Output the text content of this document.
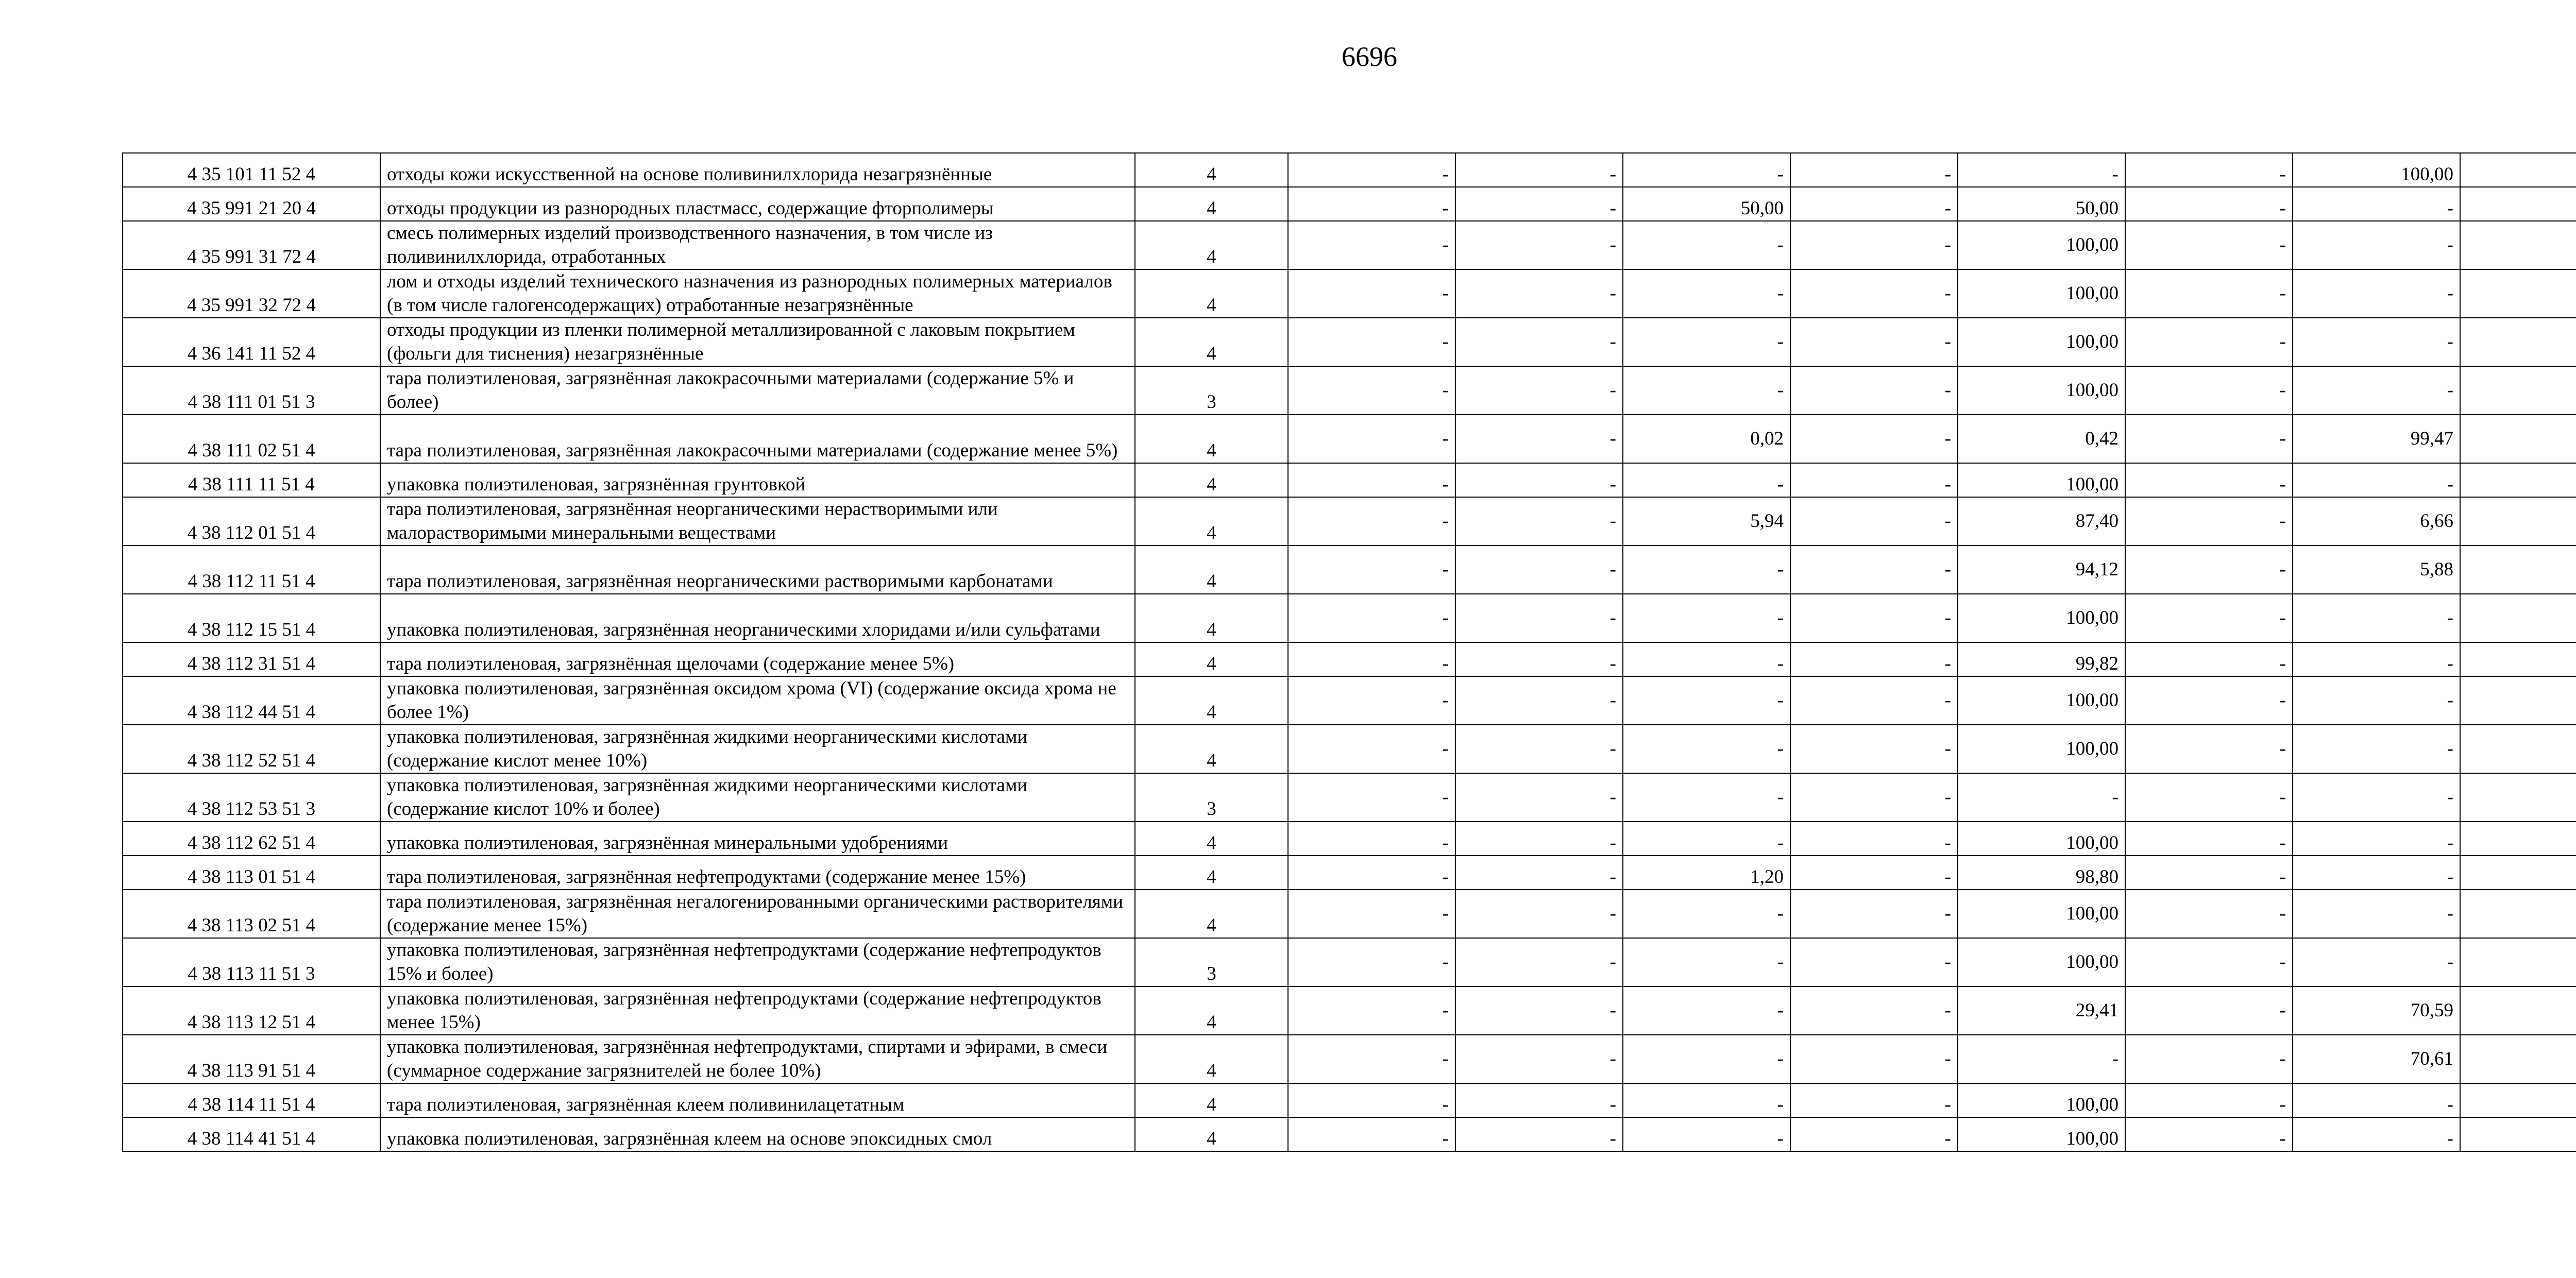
6696
4 35 101 11 52 4	отходы кожи искусственной на основе поливинилхлорида незагрязнённые	4	-	-	-	-	-	-	100,00	
4 35 991 21 20 4	отходы продукции из разнородных пластмасс, содержащие фторполимеры	4	-	-	50,00	-	50,00	-	-	
4 35 991 31 72 4	смесь полимерных изделий производственного назначения, в том числе из поливинилхлорида, отработанных	4	-	-	-	-	100,00	-	-	
4 35 991 32 72 4	лом и отходы изделий технического назначения из разнородных полимерных материалов (в том числе галогенсодержащих) отработанные незагрязнённые	4	-	-	-	-	100,00	-	-	
4 36 141 11 52 4	отходы продукции из пленки полимерной металлизированной с лаковым покрытием (фольги для тиснения) незагрязнённые	4	-	-	-	-	100,00	-	-	
4 38 111 01 51 3	тара полиэтиленовая, загрязнённая лакокрасочными материалами (содержание 5% и более)	3	-	-	-	-	100,00	-	-	
4 38 111 02 51 4	тара полиэтиленовая, загрязнённая лакокрасочными материалами (содержание менее 5%)	4	-	-	0,02	-	0,42	-	99,47	
4 38 111 11 51 4	упаковка полиэтиленовая, загрязнённая грунтовкой	4	-	-	-	-	100,00	-	-	
4 38 112 01 51 4	тара полиэтиленовая, загрязнённая неорганическими нерастворимыми или малорастворимыми минеральными веществами	4	-	-	5,94	-	87,40	-	6,66	
4 38 112 11 51 4	тара полиэтиленовая, загрязнённая неорганическими растворимыми карбонатами	4	-	-	-	-	94,12	-	5,88	
4 38 112 15 51 4	упаковка полиэтиленовая, загрязнённая неорганическими хлоридами и/или сульфатами	4	-	-	-	-	100,00	-	-	
4 38 112 31 51 4	тара полиэтиленовая, загрязнённая щелочами (содержание менее 5%)	4	-	-	-	-	99,82	-	-	
4 38 112 44 51 4	упаковка полиэтиленовая, загрязнённая оксидом хрома (VI) (содержание оксида хрома не более 1%)	4	-	-	-	-	100,00	-	-	
4 38 112 52 51 4	упаковка полиэтиленовая, загрязнённая жидкими неорганическими кислотами (содержание кислот менее 10%)	4	-	-	-	-	100,00	-	-	
4 38 112 53 51 3	упаковка полиэтиленовая, загрязнённая жидкими неорганическими кислотами (содержание кислот 10% и более)	3	-	-	-	-	-	-	-	
4 38 112 62 51 4	упаковка полиэтиленовая, загрязнённая минеральными удобрениями	4	-	-	-	-	100,00	-	-	
4 38 113 01 51 4	тара полиэтиленовая, загрязнённая нефтепродуктами (содержание менее 15%)	4	-	-	1,20	-	98,80	-	-	
4 38 113 02 51 4	тара полиэтиленовая, загрязнённая негалогенированными органическими растворителями (содержание менее 15%)	4	-	-	-	-	100,00	-	-	
4 38 113 11 51 3	упаковка полиэтиленовая, загрязнённая нефтепродуктами (содержание нефтепродуктов 15% и более)	3	-	-	-	-	100,00	-	-	
4 38 113 12 51 4	упаковка полиэтиленовая, загрязнённая нефтепродуктами (содержание нефтепродуктов менее 15%)	4	-	-	-	-	29,41	-	70,59	
4 38 113 91 51 4	упаковка полиэтиленовая, загрязнённая нефтепродуктами, спиртами и эфирами, в смеси (суммарное содержание загрязнителей не более 10%)	4	-	-	-	-	-	-	70,61	
4 38 114 11 51 4	тара полиэтиленовая, загрязнённая клеем поливинилацетатным	4	-	-	-	-	100,00	-	-	
4 38 114 41 51 4	упаковка полиэтиленовая, загрязнённая клеем на основе эпоксидных смол	4	-	-	-	-	100,00	-	-	
